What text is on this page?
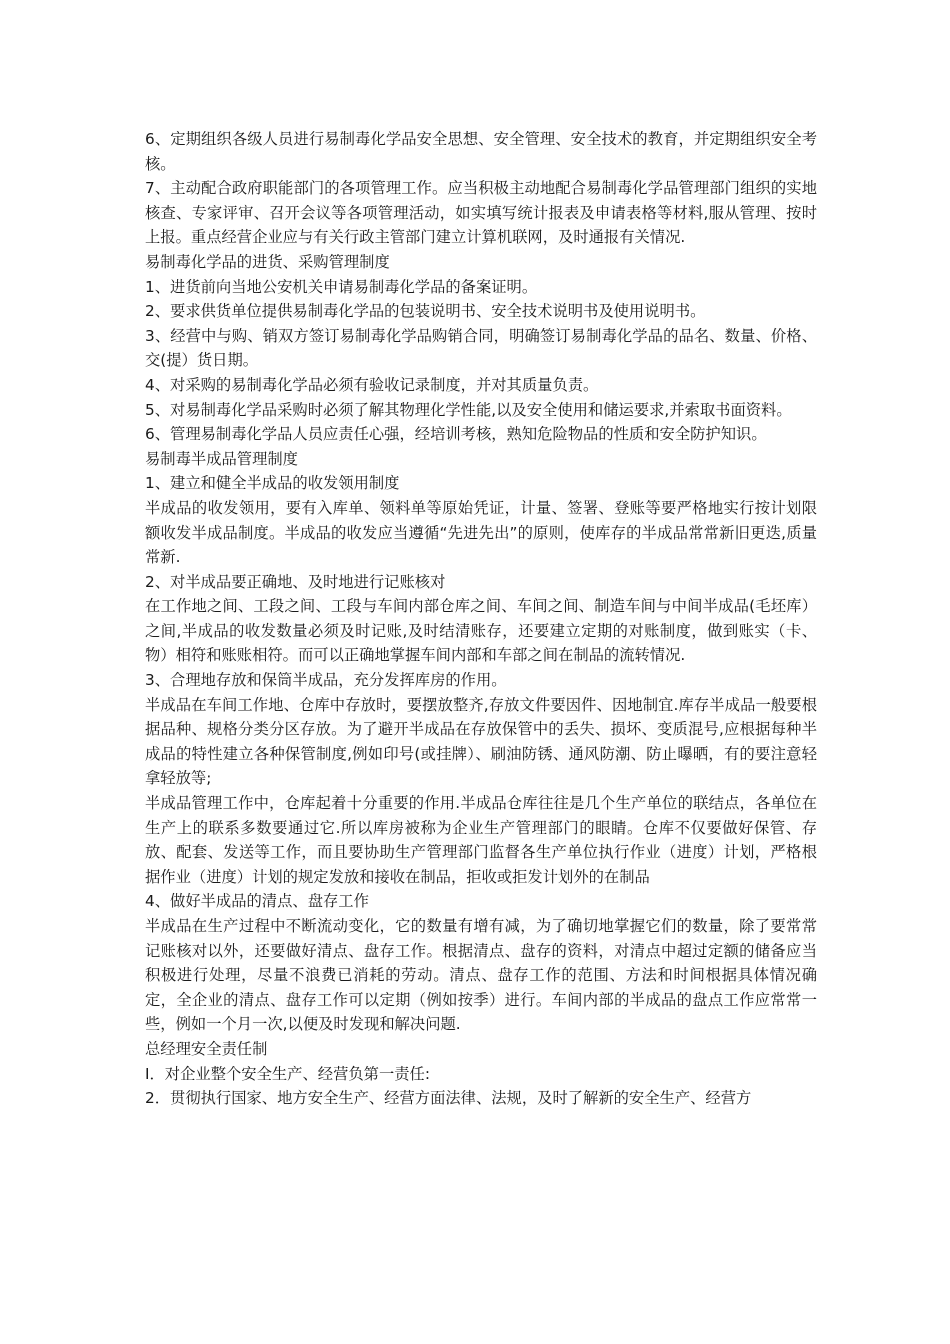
6、定期组织各级人员进行易制毒化学品安全思想、安全管理、安全技术的教育，并定期组织安全考核。

7、主动配合政府职能部门的各项管理工作。应当积极主动地配合易制毒化学品管理部门组织的实地核查、专家评审、召开会议等各项管理活动，如实填写统计报表及申请表格等材料,服从管理、按时上报。重点经营企业应与有关行政主管部门建立计算机联网，及时通报有关情况.

易制毒化学品的进货、采购管理制度

1、进货前向当地公安机关申请易制毒化学品的备案证明。

2、要求供货单位提供易制毒化学品的包装说明书、安全技术说明书及使用说明书。

3、经营中与购、销双方签订易制毒化学品购销合同，明确签订易制毒化学品的品名、数量、价格、交(提）货日期。

4、对采购的易制毒化学品必须有验收记录制度，并对其质量负责。

5、对易制毒化学品采购时必须了解其物理化学性能,以及安全使用和储运要求,并索取书面资料。

6、管理易制毒化学品人员应责任心强，经培训考核，熟知危险物品的性质和安全防护知识。

易制毒半成品管理制度

1、建立和健全半成品的收发领用制度

半成品的收发领用，要有入库单、领料单等原始凭证，计量、签署、登账等要严格地实行按计划限额收发半成品制度。半成品的收发应当遵循“先进先出”的原则，使库存的半成品常常新旧更迭,质量常新.

2、对半成品要正确地、及时地进行记账核对

在工作地之间、工段之间、工段与车间内部仓库之间、车间之间、制造车间与中间半成品(毛坯库）之间,半成品的收发数量必须及时记账,及时结清账存，还要建立定期的对账制度，做到账实（卡、物）相符和账账相符。而可以正确地掌握车间内部和车部之间在制品的流转情况.

3、合理地存放和保筒半成品，充分发挥库房的作用。

半成品在车间工作地、仓库中存放时，要摆放整齐,存放文件要因件、因地制宜.库存半成品一般要根据品种、规格分类分区存放。为了避开半成品在存放保管中的丢失、损坏、变质混号,应根据每种半成品的特性建立各种保管制度,例如印号(或挂牌）、刷油防锈、通风防潮、防止曝晒，有的要注意轻拿轻放等;

半成品管理工作中，仓库起着十分重要的作用.半成品仓库往往是几个生产单位的联结点，各单位在生产上的联系多数要通过它.所以库房被称为企业生产管理部门的眼睛。仓库不仅要做好保管、存放、配套、发送等工作，而且要协助生产管理部门监督各生产单位执行作业（进度）计划，严格根据作业（进度）计划的规定发放和接收在制品，拒收或拒发计划外的在制品

4、做好半成品的清点、盘存工作

半成品在生产过程中不断流动变化，它的数量有增有减，为了确切地掌握它们的数量，除了要常常记账核对以外，还要做好清点、盘存工作。根据清点、盘存的资料，对清点中超过定额的储备应当积极进行处理，尽量不浪费已消耗的劳动。清点、盘存工作的范围、方法和时间根据具体情况确定，全企业的清点、盘存工作可以定期（例如按季）进行。车间内部的半成品的盘点工作应常常一些，例如一个月一次,以便及时发现和解决问题.

总经理安全责任制

I．对企业整个安全生产、经营负第一责任:

2．贯彻执行国家、地方安全生产、经营方面法律、法规，及时了解新的安全生产、经营方
